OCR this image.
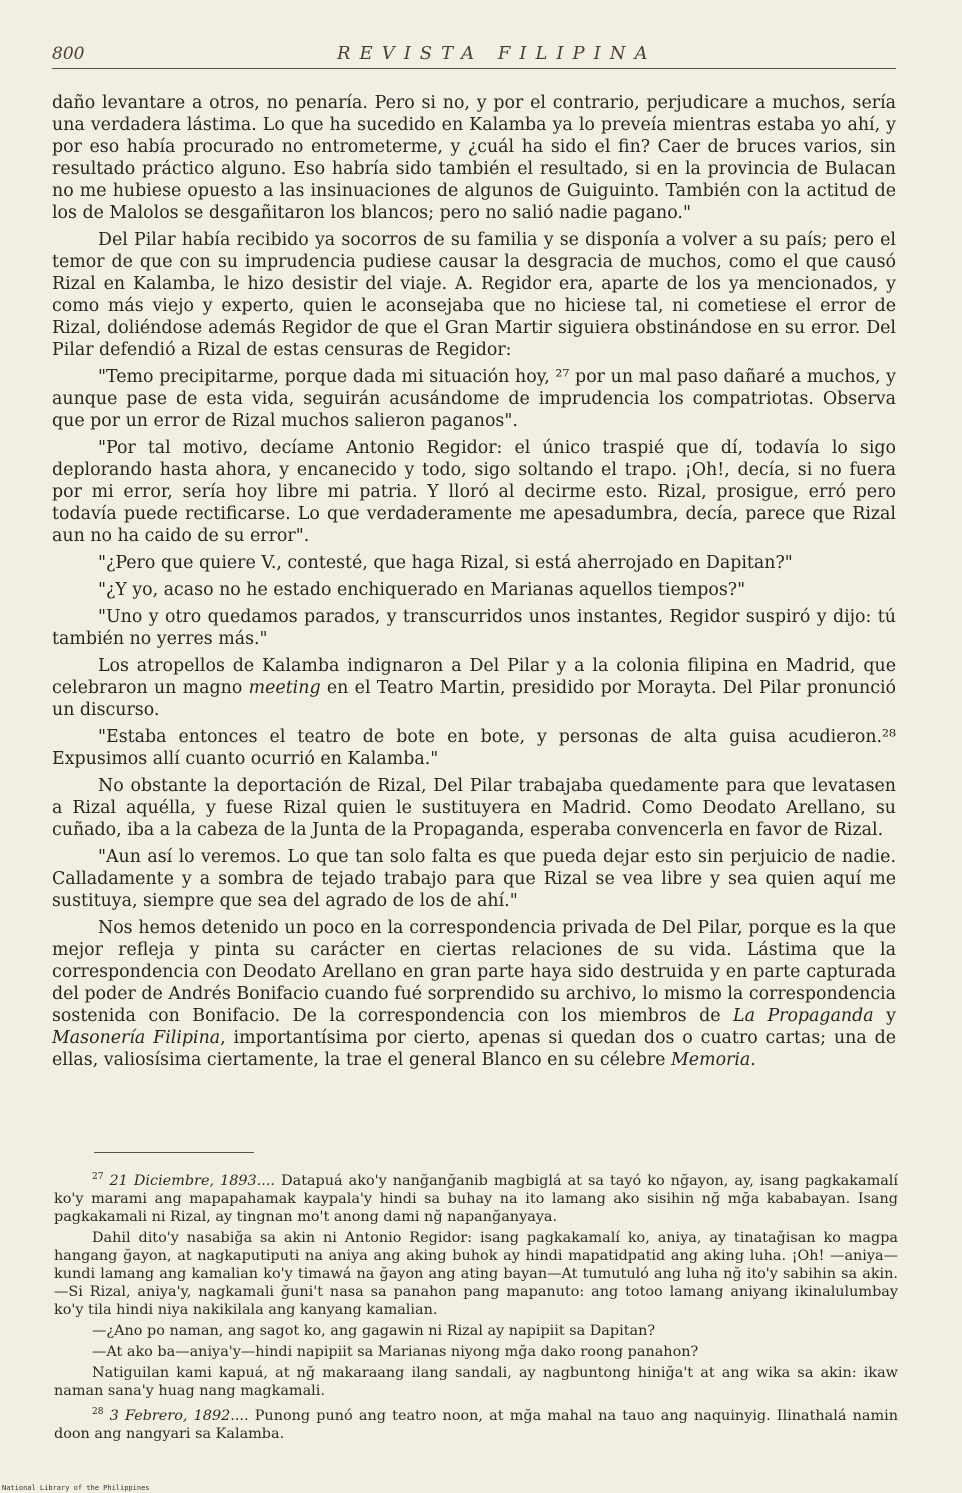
800	REVISTA FILIPINA

daño levantare a otros, no penaría. Pero si no, y por el contrario, perjudicare a muchos, sería una verdadera lástima. Lo que ha sucedido en Kalamba ya lo preveía mientras estaba yo ahí, y por eso había procurado no entrometerme, y ¿cuál ha sido el fin? Caer de bruces varios, sin resultado práctico alguno. Eso habría sido también el resultado, si en la provincia de Bulacan no me hubiese opuesto a las insinuaciones de algunos de Guiguinto. También con la actitud de los de Malolos se desgañitaron los blancos; pero no salió nadie pagano."

Del Pilar había recibido ya socorros de su familia y se disponía a volver a su país; pero el temor de que con su imprudencia pudiese causar la desgracia de muchos, como el que causó Rizal en Kalamba, le hizo desistir del viaje. A. Regidor era, aparte de los ya mencionados, y como más viejo y experto, quien le aconsejaba que no hiciese tal, ni cometiese el error de Rizal, doliéndose además Regidor de que el Gran Martir siguiera obstinándose en su error. Del Pilar defendió a Rizal de estas censuras de Regidor:

"Temo precipitarme, porque dada mi situación hoy, ²⁷ por un mal paso dañaré a muchos, y aunque pase de esta vida, seguirán acusándome de imprudencia los compatriotas. Observa que por un error de Rizal muchos salieron paganos".

"Por tal motivo, decíame Antonio Regidor: el único traspié que dí, todavía lo sigo deplorando hasta ahora, y encanecido y todo, sigo soltando el trapo. ¡Oh!, decía, si no fuera por mi error, sería hoy libre mi patria. Y lloró al decirme esto. Rizal, prosigue, erró pero todavía puede rectificarse. Lo que verdaderamente me apesadumbra, decía, parece que Rizal aun no ha caido de su error".

"¿Pero que quiere V., contesté, que haga Rizal, si está aherrojado en Dapitan?"

"¿Y yo, acaso no he estado enchiquerado en Marianas aquellos tiempos?"

"Uno y otro quedamos parados, y transcurridos unos instantes, Regidor suspiró y dijo: tú también no yerres más."

Los atropellos de Kalamba indignaron a Del Pilar y a la colonia filipina en Madrid, que celebraron un magno meeting en el Teatro Martin, presidido por Morayta. Del Pilar pronunció un discurso.

"Estaba entonces el teatro de bote en bote, y personas de alta guisa acudieron.²⁸ Expusimos allí cuanto ocurrió en Kalamba."

No obstante la deportación de Rizal, Del Pilar trabajaba quedamente para que levatasen a Rizal aquélla, y fuese Rizal quien le sustituyera en Madrid. Como Deodato Arellano, su cuñado, iba a la cabeza de la Junta de la Propaganda, esperaba convencerla en favor de Rizal.

"Aun así lo veremos. Lo que tan solo falta es que pueda dejar esto sin perjuicio de nadie. Calladamente y a sombra de tejado trabajo para que Rizal se vea libre y sea quien aquí me sustituya, siempre que sea del agrado de los de ahí."

Nos hemos detenido un poco en la correspondencia privada de Del Pilar, porque es la que mejor refleja y pinta su carácter en ciertas relaciones de su vida. Lástima que la correspondencia con Deodato Arellano en gran parte haya sido destruida y en parte capturada del poder de Andrés Bonifacio cuando fué sorprendido su archivo, lo mismo la correspondencia sostenida con Bonifacio. De la correspondencia con los miembros de La Propaganda y Masonería Filipina, importantísima por cierto, apenas si quedan dos o cuatro cartas; una de ellas, valiosísima ciertamente, la trae el general Blanco en su célebre Memoria.

$^{27}$ 21 Diciembre, 1893.... Datapuá ako'y nanğanğanib magbiglá at sa tayó ko nğayon, ay, isang pagkakamalí ko'y marami ang mapapahamak kaypala'y hindi sa buhay na ito lamang ako sisihin nğ mğa kababayan. Isang pagkakamali ni Rizal, ay tingnan mo't anong dami nğ napanğanyaya.

Dahil dito'y nasabiğa sa akin ni Antonio Regidor: isang pagkakamalí ko, aniya, ay tinatağisan ko magpa hangang ğayon, at nagkaputiputi na aniya ang aking buhok ay hindi mapatidpatid ang aking luha. ¡Oh! —aniya—kundi lamang ang kamalian ko'y timawá na ğayon ang ating bayan—At tumutuló ang luha nğ ito'y sabihin sa akin.—Si Rizal, aniya'y, nagkamali ğuni't nasa sa panahon pang mapanuto: ang totoo lamang aniyang ikinalulumbay ko'y tila hindi niya nakikilala ang kanyang kamalian.

—¿Ano po naman, ang sagot ko, ang gagawin ni Rizal ay napipiit sa Dapitan?

—At ako ba—aniya'y—hindi napipiit sa Marianas niyong mğa dako roong panahon?

Natiguilan kami kapuá, at nğ makaraang ilang sandali, ay nagbuntong hiniğa't at ang wika sa akin: ikaw naman sana'y huag nang magkamali.

$^{28}$ 3 Febrero, 1892.... Punong punó ang teatro noon, at mğa mahal na tauo ang naquinyig. Ilinathalá namin doon ang nangyari sa Kalamba.

National Library of the Philippines
